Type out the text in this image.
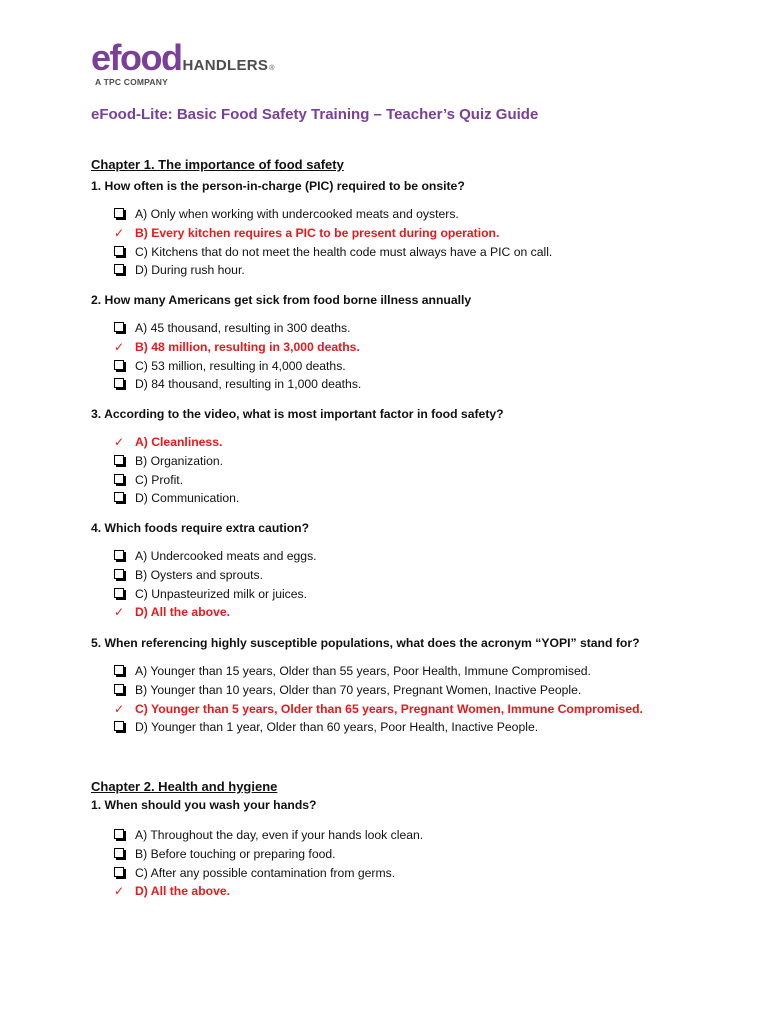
efood HANDLERS ®
A TPC COMPANY
eFood-Lite: Basic Food Safety Training – Teacher’s Quiz Guide
Chapter 1. The importance of food safety

1. How often is the person-in-charge (PIC) required to be onsite?

A) Only when working with undercooked meats and oysters.
✓ B) Every kitchen requires a PIC to be present during operation.
C) Kitchens that do not meet the health code must always have a PIC on call.
D) During rush hour.

2. How many Americans get sick from food borne illness annually

A) 45 thousand, resulting in 300 deaths.
✓ B) 48 million, resulting in 3,000 deaths.
C) 53 million, resulting in 4,000 deaths.
D) 84 thousand, resulting in 1,000 deaths.

3. According to the video, what is most important factor in food safety?

✓ A) Cleanliness.
B) Organization.
C) Profit.
D) Communication.

4. Which foods require extra caution?

A) Undercooked meats and eggs.
B) Oysters and sprouts.
C) Unpasteurized milk or juices.
✓ D) All the above.

5. When referencing highly susceptible populations, what does the acronym “YOPI” stand for?

A) Younger than 15 years, Older than 55 years, Poor Health, Immune Compromised.
B) Younger than 10 years, Older than 70 years, Pregnant Women, Inactive People.
✓ C) Younger than 5 years, Older than 65 years, Pregnant Women, Immune Compromised.
D) Younger than 1 year, Older than 60 years, Poor Health, Inactive People.
Chapter 2. Health and hygiene

1. When should you wash your hands?

A) Throughout the day, even if your hands look clean.
B) Before touching or preparing food.
C) After any possible contamination from germs.
✓ D) All the above.
